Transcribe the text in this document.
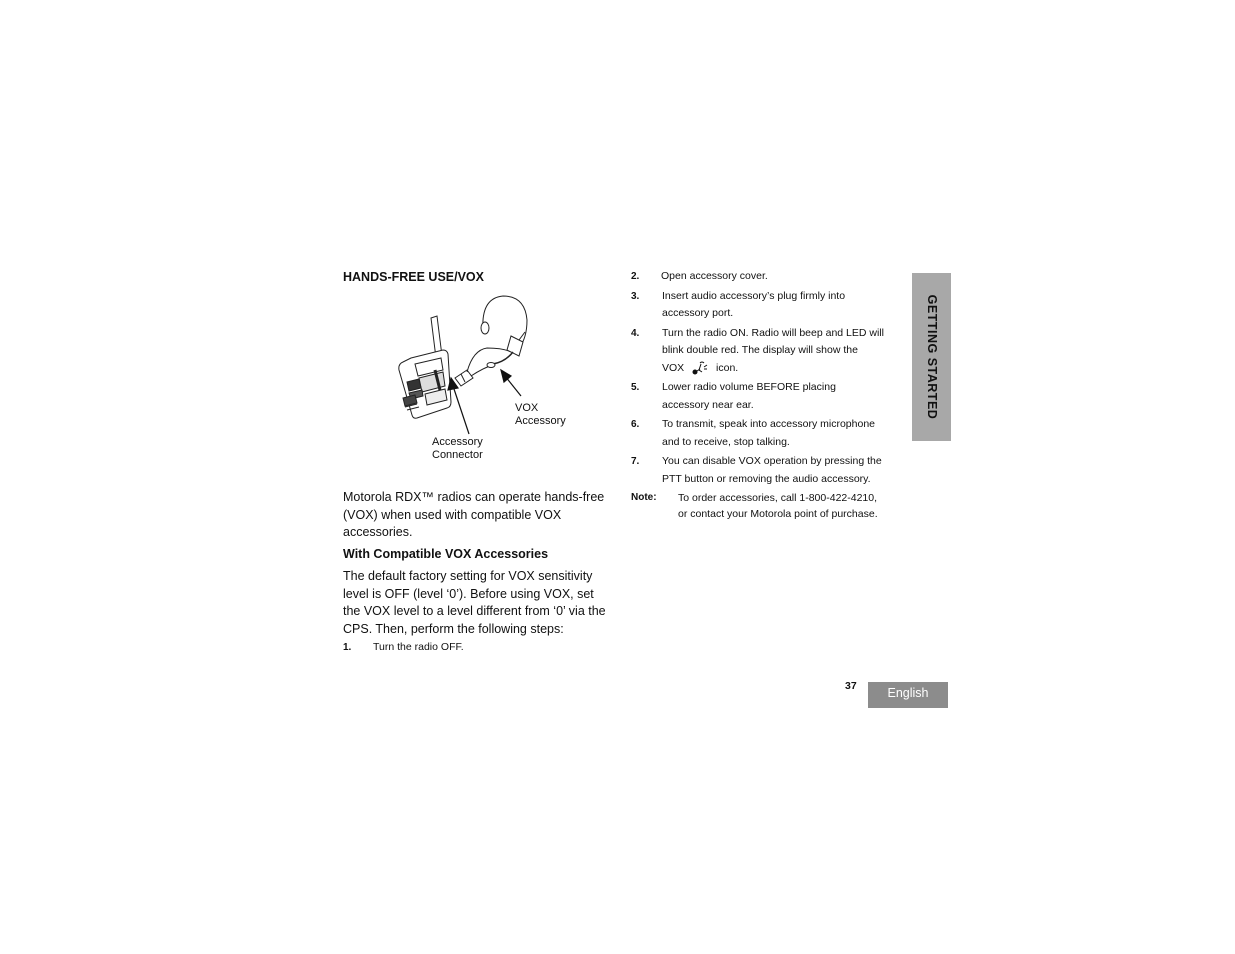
HANDS-FREE USE/VOX
VOX
Accessory
Accessory
Connector
Motorola RDX™ radios can operate hands-free (VOX) when used with compatible VOX accessories.
With Compatible VOX Accessories
The default factory setting for VOX sensitivity level is OFF (level ‘0’). Before using VOX, set the VOX level to a level different from ‘0’ via the CPS. Then, perform the following steps:
1. Turn the radio OFF.
2. Open accessory cover.
3. Insert audio accessory’s plug firmly into
accessory port.
4. Turn the radio ON. Radio will beep and LED will
blink double red. The display will show the
VOX	icon.
5. Lower radio volume BEFORE placing
accessory near ear.
6. To transmit, speak into accessory microphone
and to receive, stop talking.
7. You can disable VOX operation by pressing the
PTT button or removing the audio accessory.
Note: To order accessories, call 1-800-422-4210,
or contact your Motorola point of purchase.
GETTING STARTED
37	English
